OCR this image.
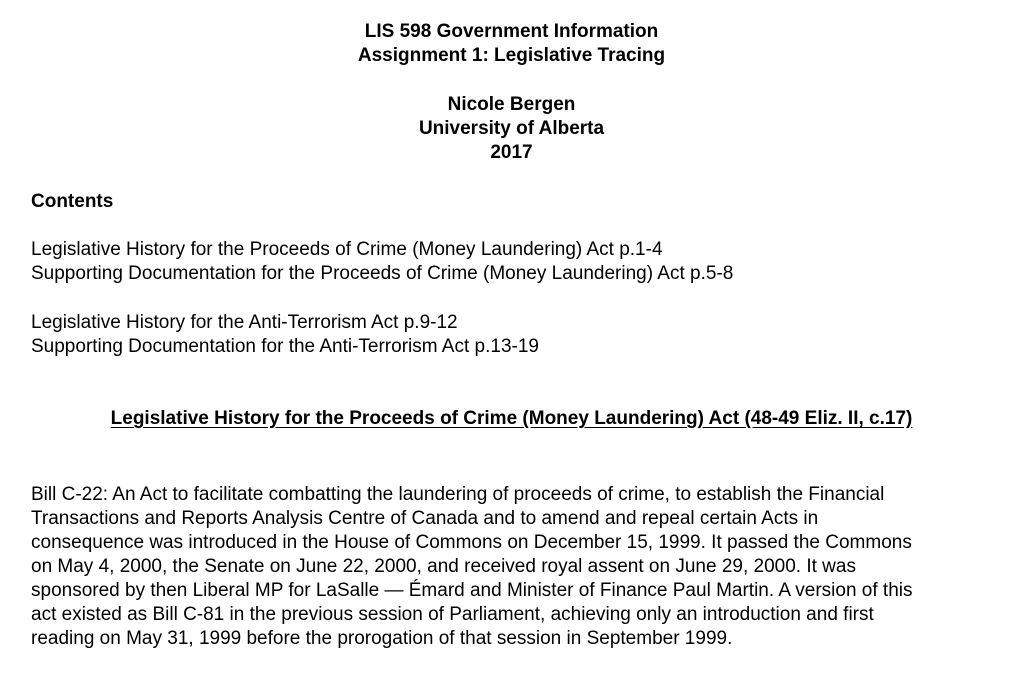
LIS 598 Government Information
Assignment 1: Legislative Tracing
Nicole Bergen
University of Alberta
2017
Contents
Legislative History for the Proceeds of Crime (Money Laundering) Act p.1-4
Supporting Documentation for the Proceeds of Crime (Money Laundering) Act p.5-8
Legislative History for the Anti-Terrorism Act p.9-12
Supporting Documentation for the Anti-Terrorism Act p.13-19
Legislative History for the Proceeds of Crime (Money Laundering) Act (48-49 Eliz. II, c.17)
Bill C-22: An Act to facilitate combatting the laundering of proceeds of crime, to establish the Financial
Transactions and Reports Analysis Centre of Canada and to amend and repeal certain Acts in
consequence was introduced in the House of Commons on December 15, 1999. It passed the Commons
on May 4, 2000, the Senate on June 22, 2000, and received royal assent on June 29, 2000. It was
sponsored by then Liberal MP for LaSalle — Émard and Minister of Finance Paul Martin. A version of this
act existed as Bill C-81 in the previous session of Parliament, achieving only an introduction and first
reading on May 31, 1999 before the prorogation of that session in September 1999.
